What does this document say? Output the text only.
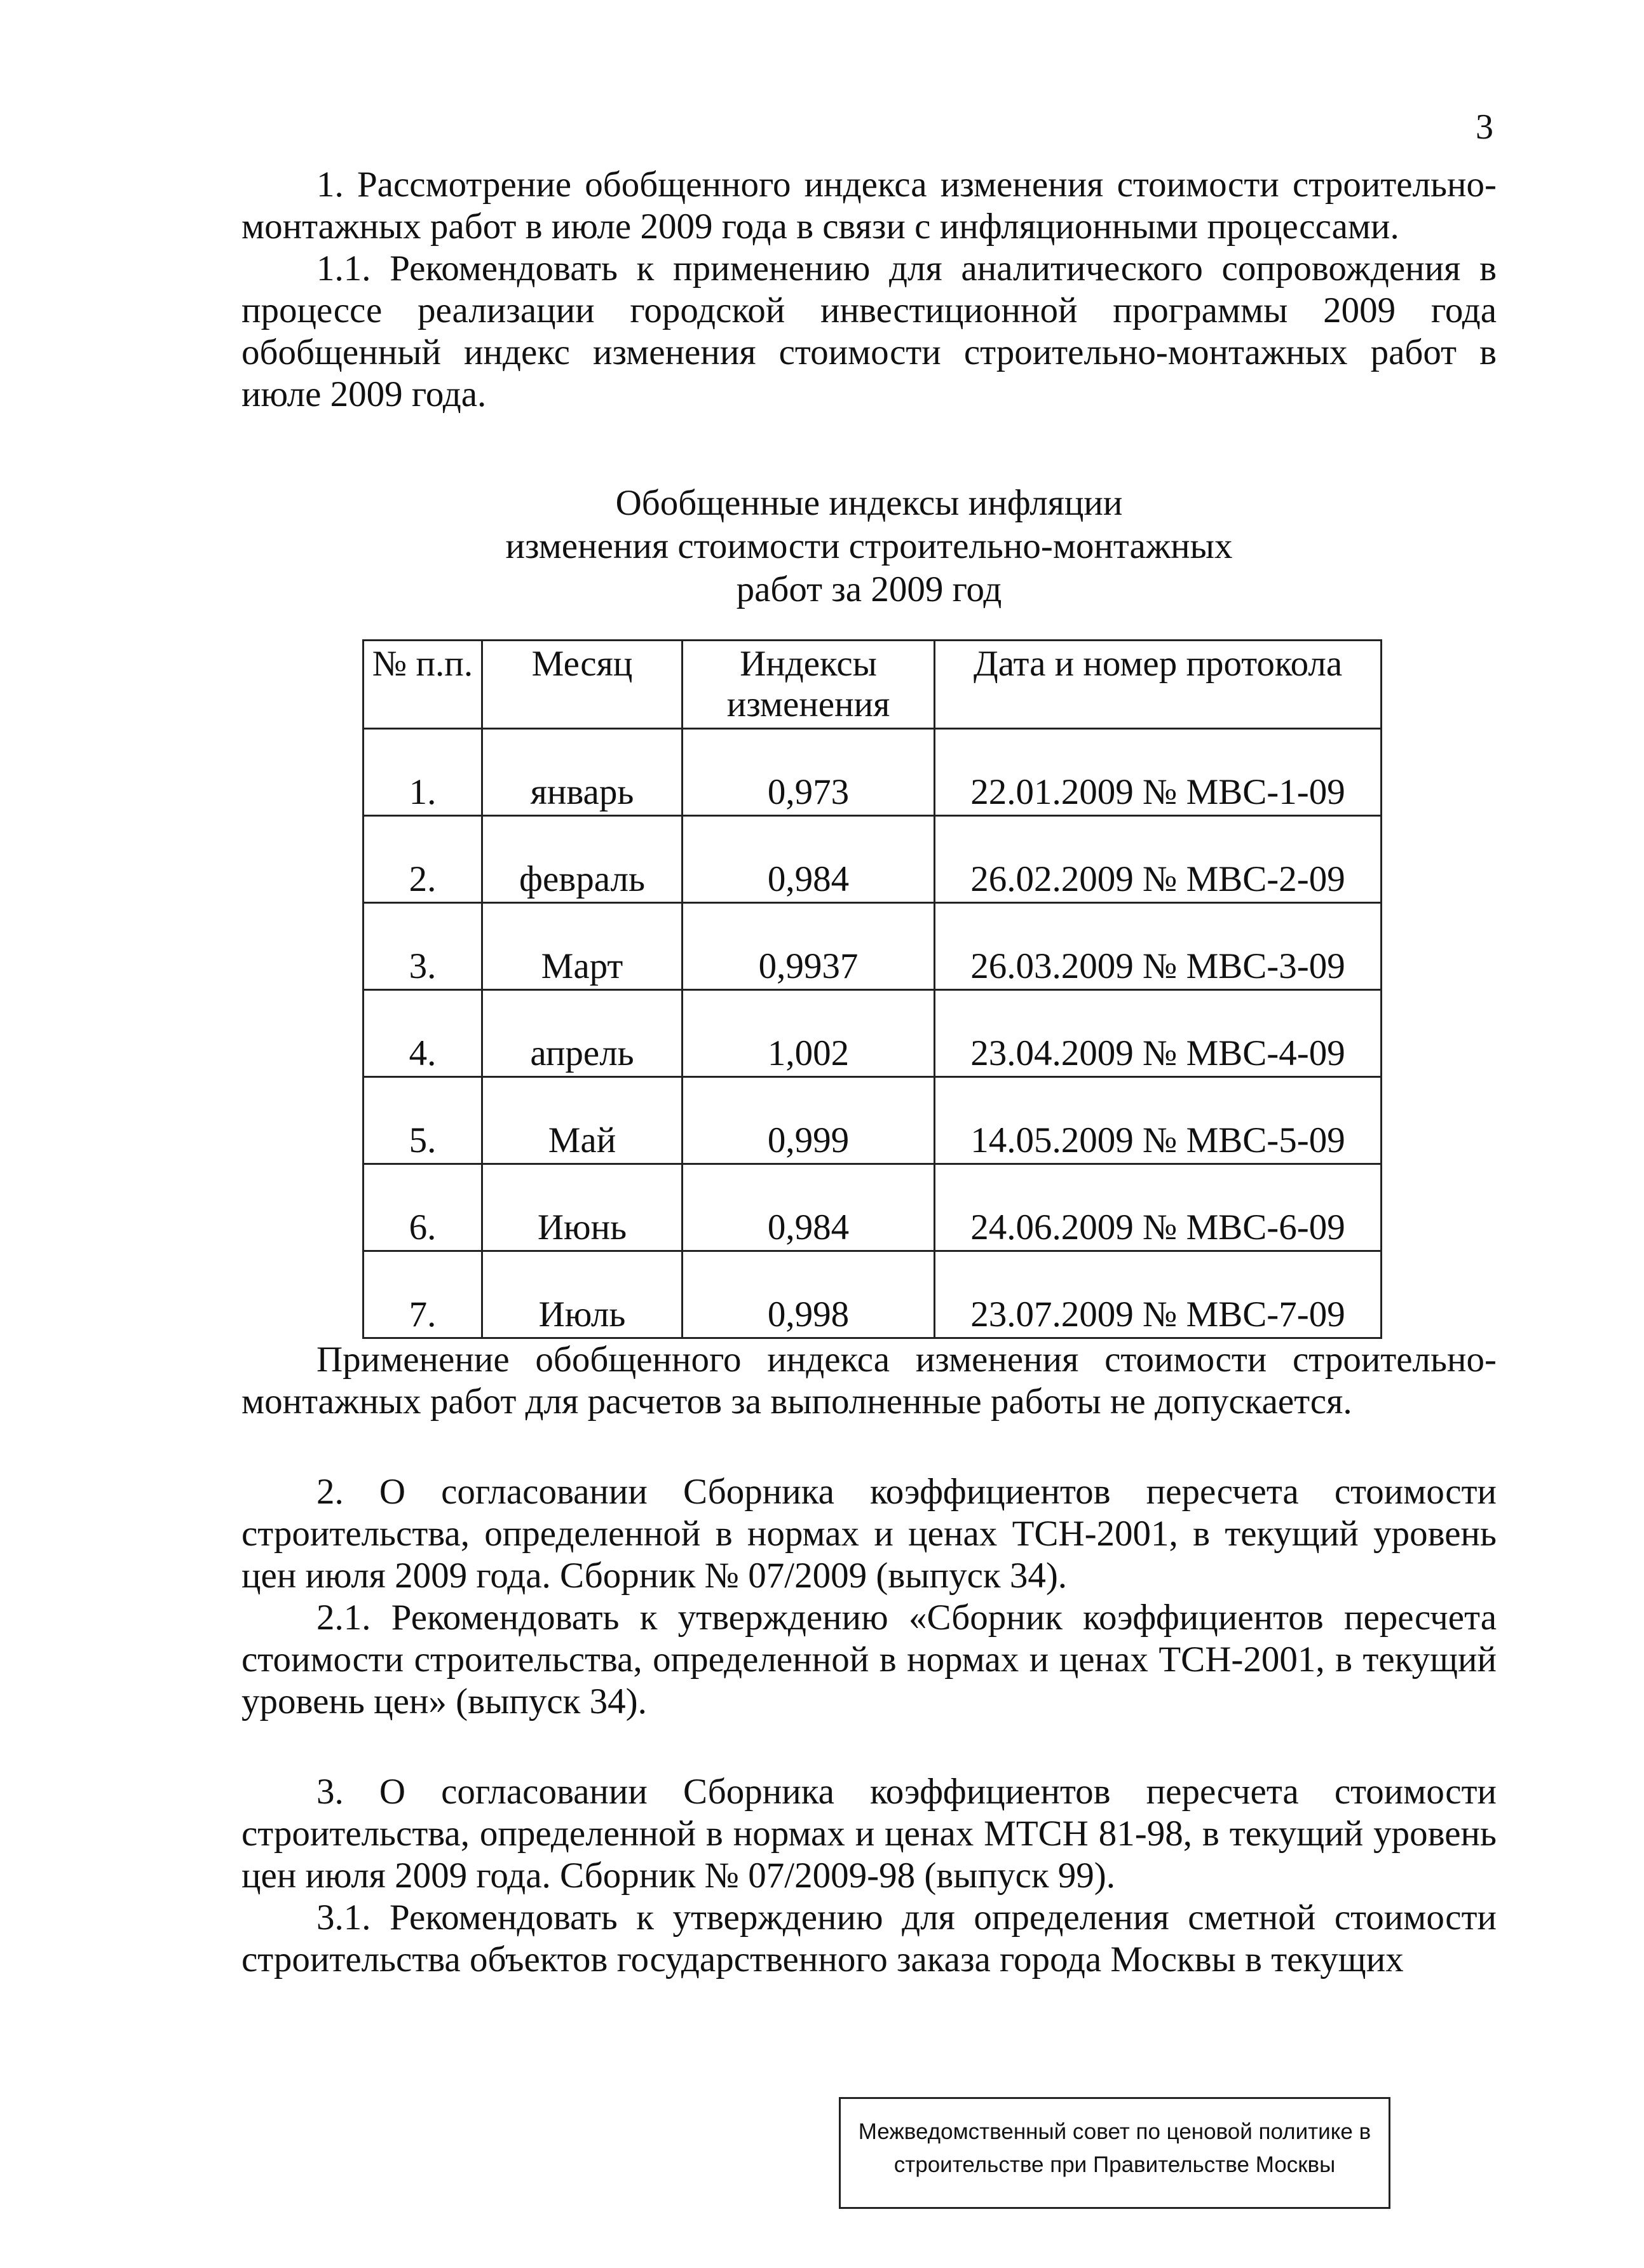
3

1. Рассмотрение обобщенного индекса изменения стоимости строительно-монтажных работ в июле 2009 года в связи с инфляционными процессами.

1.1. Рекомендовать к применению для аналитического сопровождения в процессе реализации городской инвестиционной программы 2009 года обобщенный индекс изменения стоимости строительно-монтажных работ в июле 2009 года.

Обобщенные индексы инфляции
изменения стоимости строительно-монтажных
работ за 2009 год
№ п.п.	Месяц	Индексы изменения	Дата и номер протокола
1.	январь	0,973	22.01.2009 № МВС-1-09
2.	февраль	0,984	26.02.2009 № МВС-2-09
3.	Март	0,9937	26.03.2009 № МВС-3-09
4.	апрель	1,002	23.04.2009 № МВС-4-09
5.	Май	0,999	14.05.2009 № МВС-5-09
6.	Июнь	0,984	24.06.2009 № МВС-6-09
7.	Июль	0,998	23.07.2009 № МВС-7-09

Применение обобщенного индекса изменения стоимости строительно-монтажных работ для расчетов за выполненные работы не допускается.

2. О согласовании Сборника коэффициентов пересчета стоимости строительства, определенной в нормах и ценах ТСН-2001, в текущий уровень цен июля 2009 года. Сборник № 07/2009 (выпуск 34).

2.1. Рекомендовать к утверждению «Сборник коэффициентов пересчета стоимости строительства, определенной в нормах и ценах ТСН-2001, в текущий уровень цен» (выпуск 34).

3. О согласовании Сборника коэффициентов пересчета стоимости строительства, определенной в нормах и ценах МТСН 81-98, в текущий уровень цен июля 2009 года. Сборник № 07/2009-98 (выпуск 99).

3.1. Рекомендовать к утверждению для определения сметной стоимости строительства объектов государственного заказа города Москвы в текущих

Межведомственный совет по ценовой политике в
строительстве при Правительстве Москвы
